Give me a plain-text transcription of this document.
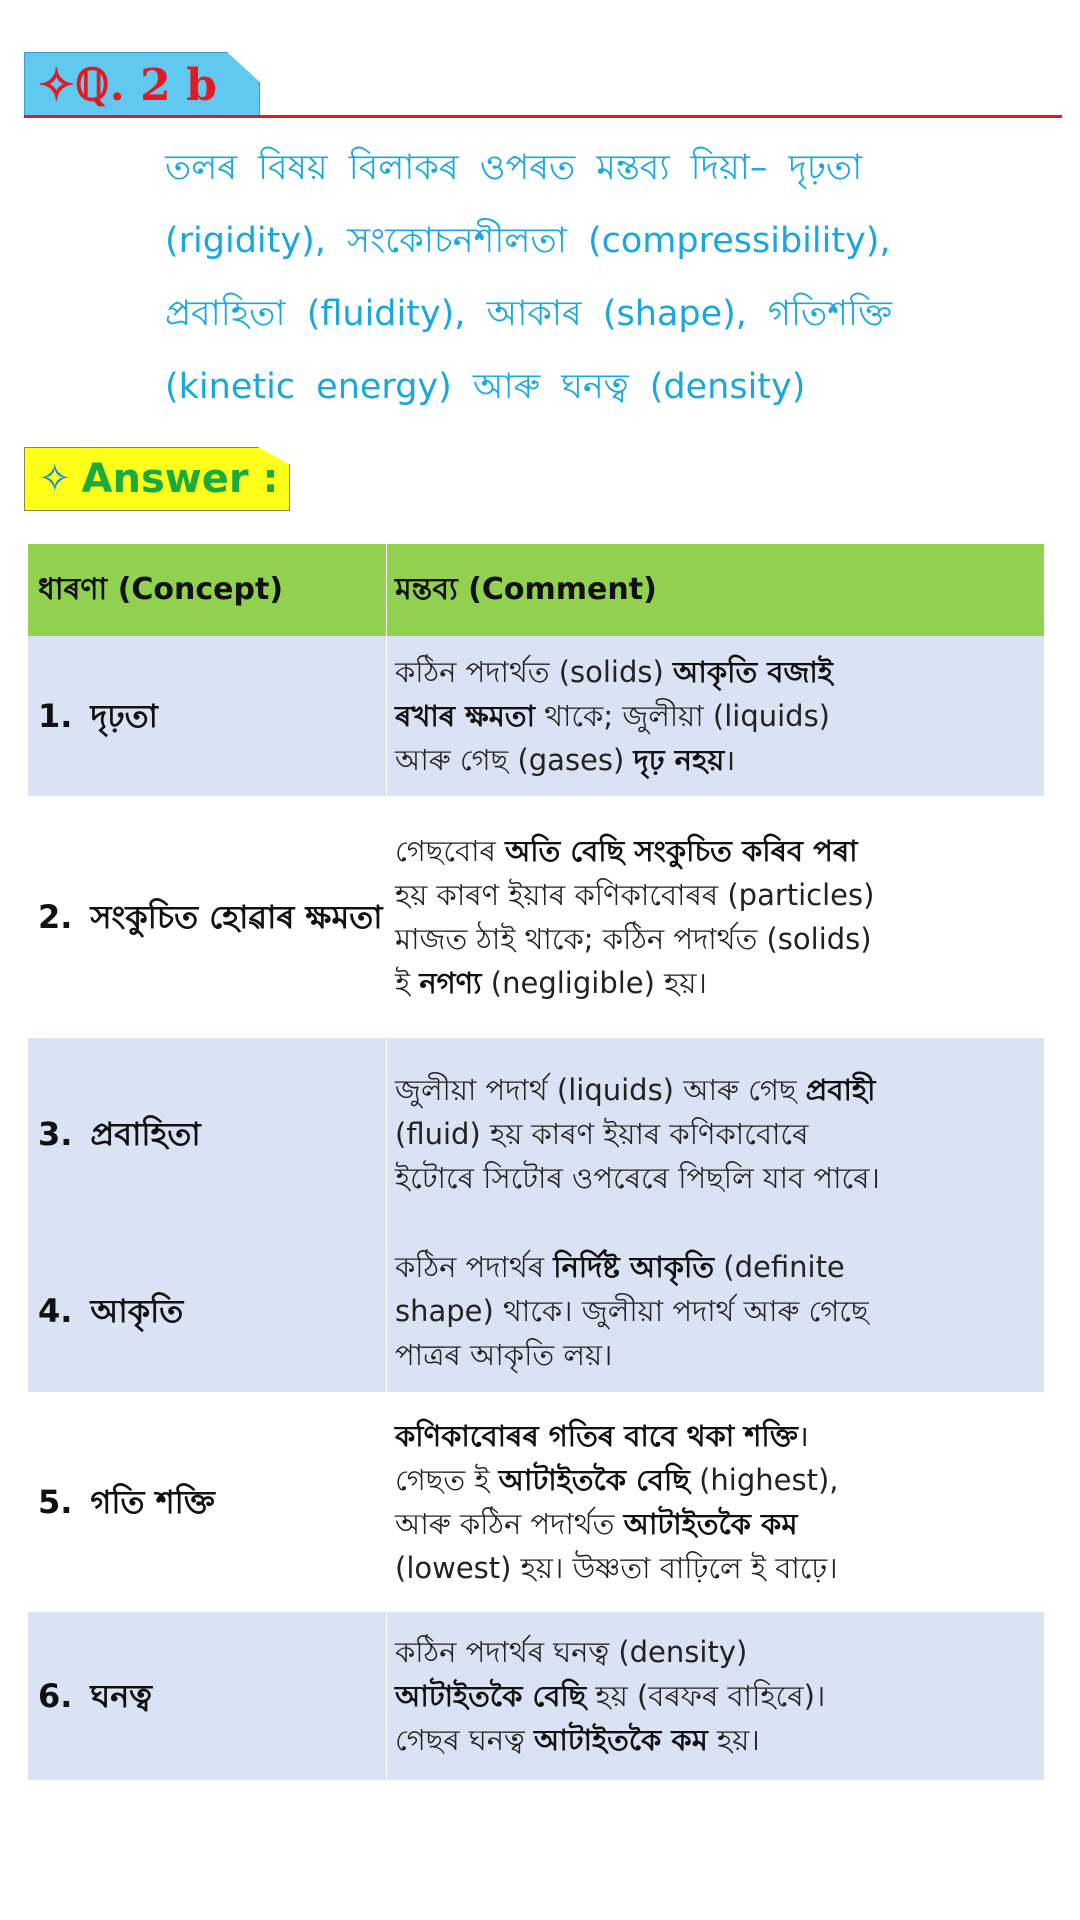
✧ℚ. 2 b
তলৰ বিষয় বিলাকৰ ওপৰত মন্তব্য দিয়া– দৃঢ়তা
(rigidity), সংকোচনশীলতা (compressibility),
প্ৰবাহিতা (fluidity), আকাৰ (shape), গতিশক্তি
(kinetic energy) আৰু ঘনত্ব (density)
✧ Answer :
ধাৰণা (Concept)	মন্তব্য (Comment)
1. দৃঢ়তা
কঠিন পদাৰ্থত (solids) আকৃতি বজাই
ৰখাৰ ক্ষমতা থাকে; জুলীয়া (liquids)
আৰু গেছ (gases) দৃঢ় নহয়।
2. সংকুচিত হোৱাৰ ক্ষমতা
গেছবোৰ অতি বেছি সংকুচিত কৰিব পৰা
হয় কাৰণ ইয়াৰ কণিকাবোৰৰ (particles)
মাজত ঠাই থাকে; কঠিন পদাৰ্থত (solids)
ই নগণ্য (negligible) হয়।
3. প্ৰবাহিতা
জুলীয়া পদাৰ্থ (liquids) আৰু গেছ প্ৰবাহী
(fluid) হয় কাৰণ ইয়াৰ কণিকাবোৰে
ইটোৰে সিটোৰ ওপৰেৰে পিছলি যাব পাৰে।
4. আকৃতি
কঠিন পদাৰ্থৰ নিৰ্দিষ্ট আকৃতি (definite
shape) থাকে। জুলীয়া পদাৰ্থ আৰু গেছে
পাত্ৰৰ আকৃতি লয়।
5. গতি শক্তি
কণিকাবোৰৰ গতিৰ বাবে থকা শক্তি।
গেছত ই আটাইতকৈ বেছি (highest),
আৰু কঠিন পদাৰ্থত আটাইতকৈ কম
(lowest) হয়। উষ্ণতা বাঢ়িলে ই বাঢ়ে।
6. ঘনত্ব
কঠিন পদাৰ্থৰ ঘনত্ব (density)
আটাইতকৈ বেছি হয় (বৰফৰ বাহিৰে)।
গেছৰ ঘনত্ব আটাইতকৈ কম হয়।
